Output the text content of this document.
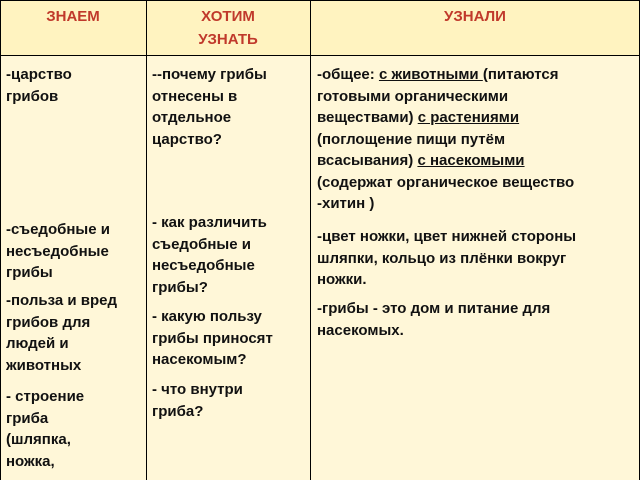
ЗНАЕМ	ХОТИМ
УЗНАТЬ
УЗНАЛИ

-царство
грибов

-съедобные и
несъедобные
грибы

-польза и вред
грибов для
людей и
животных

- строение
гриба
(шляпка,
ножка,

--почему грибы
отнесены в
отдельное
царство?

- как различить
съедобные и
несъедобные
грибы?

- какую пользу
грибы приносят
насекомым?

- что внутри
гриба?

-общее: с животными (питаются
готовыми органическими
веществами) с растениями
(поглощение пищи путём
всасывания) с насекомыми
(содержат органическое вещество
-хитин )

-цвет ножки, цвет нижней стороны
шляпки, кольцо из плёнки вокруг
ножки.

-грибы - это дом и питание для
насекомых.
